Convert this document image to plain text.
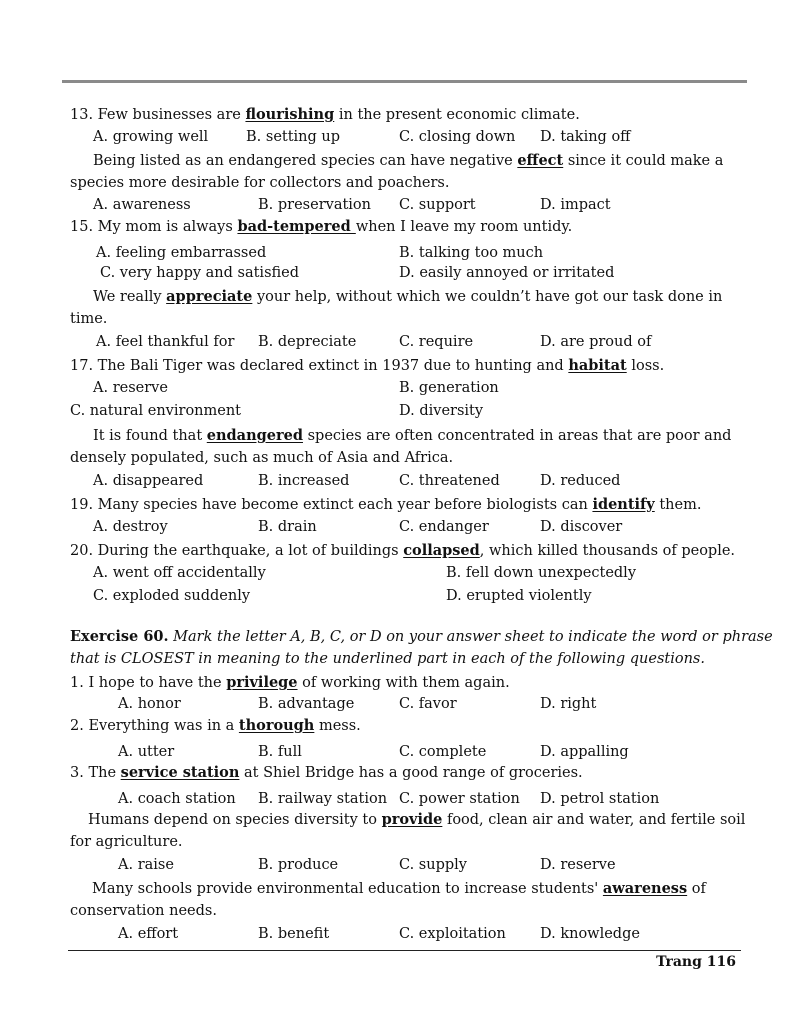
13. Few businesses are flourishing in the present economic climate.
A. growing well	B. setting up	C. closing down D. taking off
Being listed as an endangered species can have negative effect since it could make a
species more desirable for collectors and poachers.
A. awareness	B. preservation C. support	D. impact
15. My mom is always bad-tempered when I leave my room untidy.
A. feeling embarrassed	B. talking too much
C. very happy and satisfied	D. easily annoyed or irritated
We really appreciate your help, without which we couldn’t have got our task done in
time.
A. feel thankful for B. depreciate	C. require	D. are proud of
17. The Bali Tiger was declared extinct in 1937 due to hunting and habitat loss.
A. reserve	B. generation
C. natural environment	D. diversity
It is found that endangered species are often concentrated in areas that are poor and
densely populated, such as much of Asia and Africa.
A. disappeared	B. increased	C. threatened	D. reduced
19. Many species have become extinct each year before biologists can identify them.
A. destroy	B. drain	C. endanger	D. discover
20. During the earthquake, a lot of buildings collapsed, which killed thousands of people.
A. went off accidentally	B. fell down unexpectedly
C. exploded suddenly	D. erupted violently
Exercise 60. Mark the letter A, B, C, or D on your answer sheet to indicate the word or phrase
that is CLOSEST in meaning to the underlined part in each of the following questions.
1. I hope to have the privilege of working with them again.
A. honor	B. advantage	C. favor	D. right
2. Everything was in a thorough mess.
A. utter	B. full	C. complete	D. appalling
3. The service station at Shiel Bridge has a good range of groceries.
A. coach station B. railway station C. power station D. petrol station
Humans depend on species diversity to provide food, clean air and water, and fertile soil
for agriculture.
A. raise	B. produce	C. supply	D. reserve
Many schools provide environmental education to increase students' awareness of
conservation needs.
A. effort	B. benefit	C. exploitation D. knowledge
Trang 116
